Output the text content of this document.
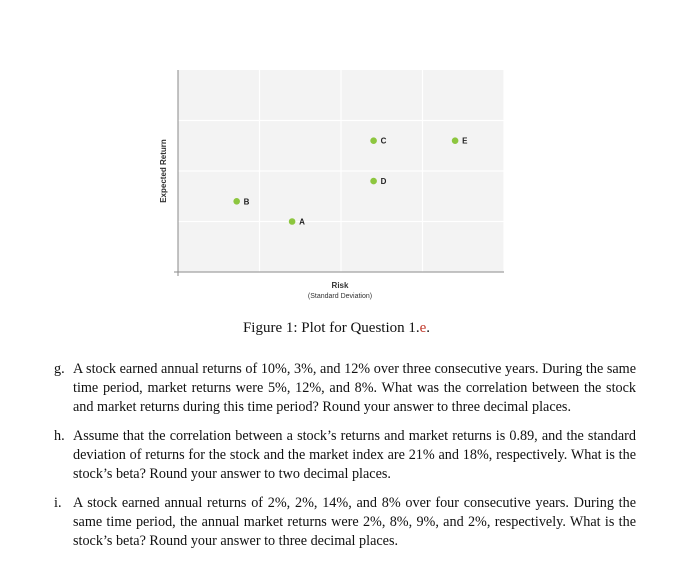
B
A
C
D
E
Risk
(Standard Deviation)
Expected Return
Figure 1: Plot for Question 1.e.
g. A stock earned annual returns of 10%, 3%, and 12% over three consecutive years. During the same time period, market returns were 5%, 12%, and 8%. What was the correlation between the stock and market returns during this time period? Round your answer to three decimal places.
h. Assume that the correlation between a stock’s returns and market returns is 0.89, and the standard deviation of returns for the stock and the market index are 21% and 18%, respectively. What is the stock’s beta? Round your answer to two decimal places.
i. A stock earned annual returns of 2%, 2%, 14%, and 8% over four consecutive years. During the same time period, the annual market returns were 2%, 8%, 9%, and 2%, respectively. What is the stock’s beta? Round your answer to three decimal places.
